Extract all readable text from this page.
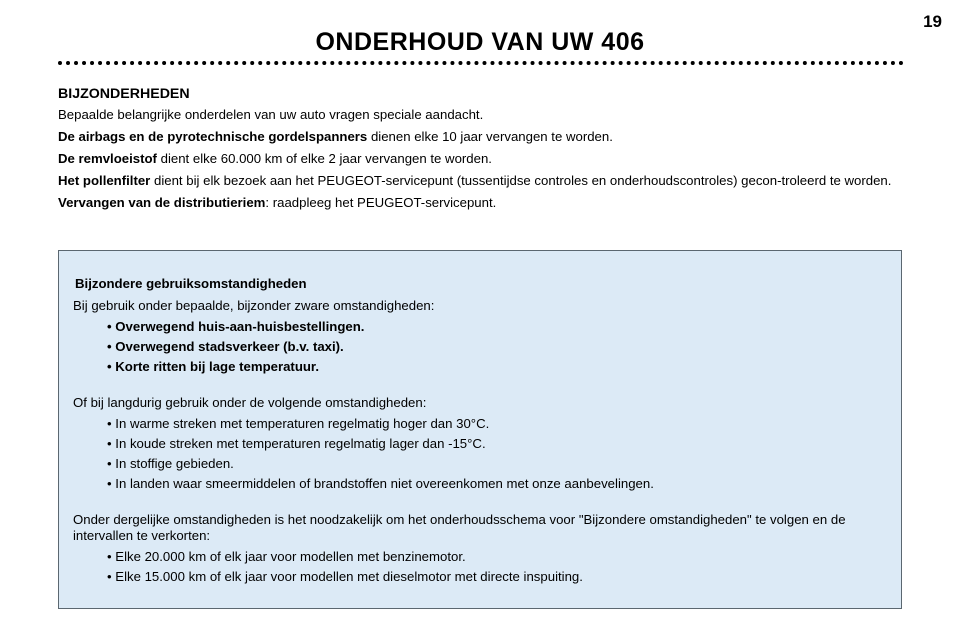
19
ONDERHOUD VAN UW 406
BIJZONDERHEDEN
Bepaalde belangrijke onderdelen van uw auto vragen speciale aandacht.
De airbags en de pyrotechnische gordelspanners dienen elke 10 jaar vervangen te worden.
De remvloeistof dient elke 60.000 km of elke 2 jaar vervangen te worden.
Het pollenfilter dient bij elk bezoek aan het PEUGEOT-servicepunt (tussentijdse controles en onderhoudscontroles) gecon-troleerd te worden.
Vervangen van de distributieriem: raadpleeg het PEUGEOT-servicepunt.
Bijzondere gebruiksomstandigheden
Bij gebruik onder bepaalde, bijzonder zware omstandigheden:
• Overwegend huis-aan-huisbestellingen.
• Overwegend stadsverkeer (b.v. taxi).
• Korte ritten bij lage temperatuur.
Of bij langdurig gebruik onder de volgende omstandigheden:
• In warme streken met temperaturen regelmatig hoger dan 30°C.
• In koude streken met temperaturen regelmatig lager dan -15°C.
• In stoffige gebieden.
• In landen waar smeermiddelen of brandstoffen niet overeenkomen met onze aanbevelingen.
Onder dergelijke omstandigheden is het noodzakelijk om het onderhoudsschema voor "Bijzondere omstandigheden" te volgen en de intervallen te verkorten:
• Elke 20.000 km of elk jaar voor modellen met benzinemotor.
• Elke 15.000 km of elk jaar voor modellen met dieselmotor met directe inspuiting.
